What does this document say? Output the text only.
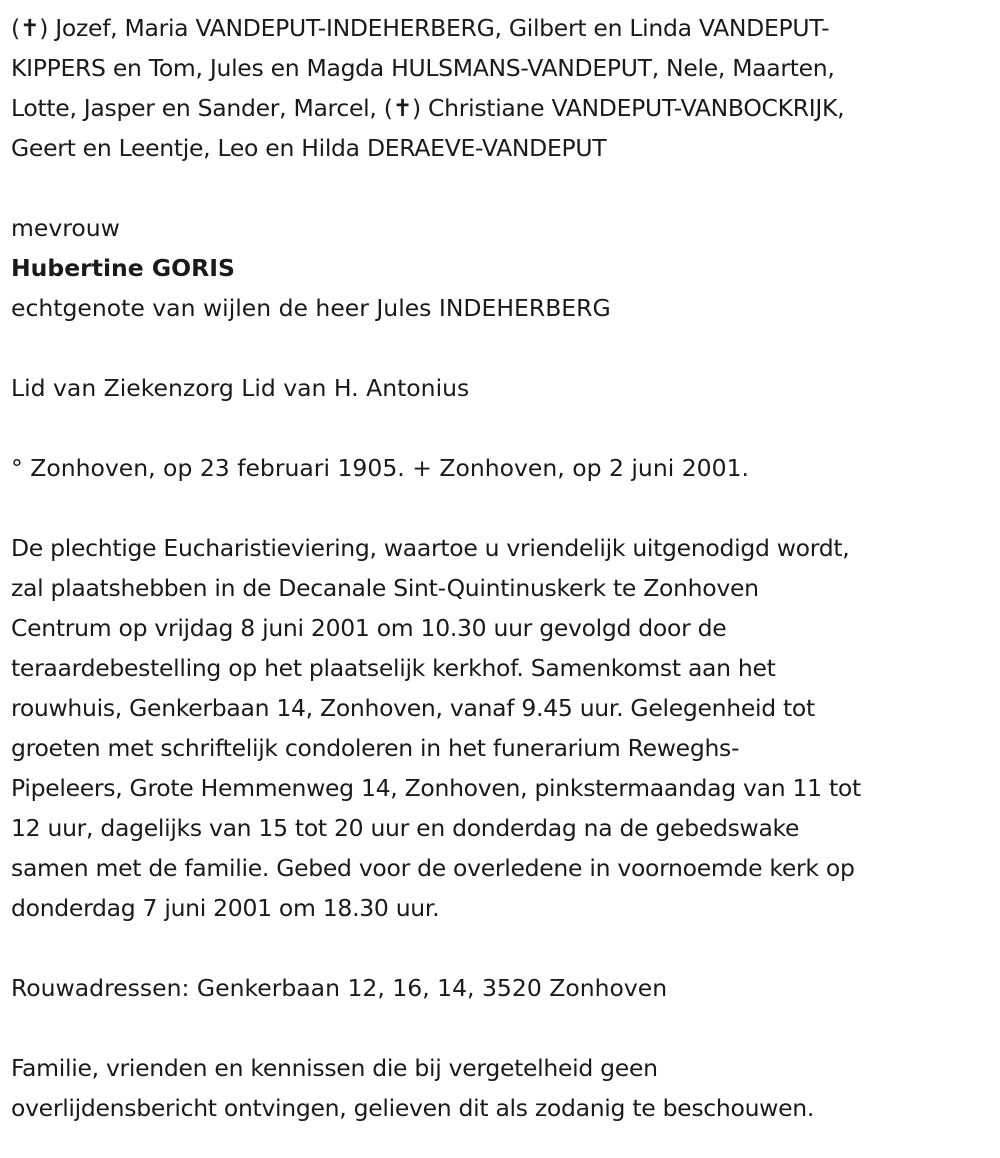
(✝) Jozef, Maria VANDEPUT-INDEHERBERG, Gilbert en Linda VANDEPUT-
KIPPERS en Tom, Jules en Magda HULSMANS-VANDEPUT, Nele, Maarten,
Lotte, Jasper en Sander, Marcel, (✝) Christiane VANDEPUT-VANBOCKRIJK,
Geert en Leentje, Leo en Hilda DERAEVE-VANDEPUT
mevrouw
Hubertine GORIS
echtgenote van wijlen de heer Jules INDEHERBERG
Lid van Ziekenzorg Lid van H. Antonius
° Zonhoven, op 23 februari 1905. + Zonhoven, op 2 juni 2001.
De plechtige Eucharistieviering, waartoe u vriendelijk uitgenodigd wordt,
zal plaatshebben in de Decanale Sint-Quintinuskerk te Zonhoven
Centrum op vrijdag 8 juni 2001 om 10.30 uur gevolgd door de
teraardebestelling op het plaatselijk kerkhof. Samenkomst aan het
rouwhuis, Genkerbaan 14, Zonhoven, vanaf 9.45 uur. Gelegenheid tot
groeten met schriftelijk condoleren in het funerarium Reweghs-
Pipeleers, Grote Hemmenweg 14, Zonhoven, pinkstermaandag van 11 tot
12 uur, dagelijks van 15 tot 20 uur en donderdag na de gebedswake
samen met de familie. Gebed voor de overledene in voornoemde kerk op
donderdag 7 juni 2001 om 18.30 uur.
Rouwadressen: Genkerbaan 12, 16, 14, 3520 Zonhoven
Familie, vrienden en kennissen die bij vergetelheid geen
overlijdensbericht ontvingen, gelieven dit als zodanig te beschouwen.
